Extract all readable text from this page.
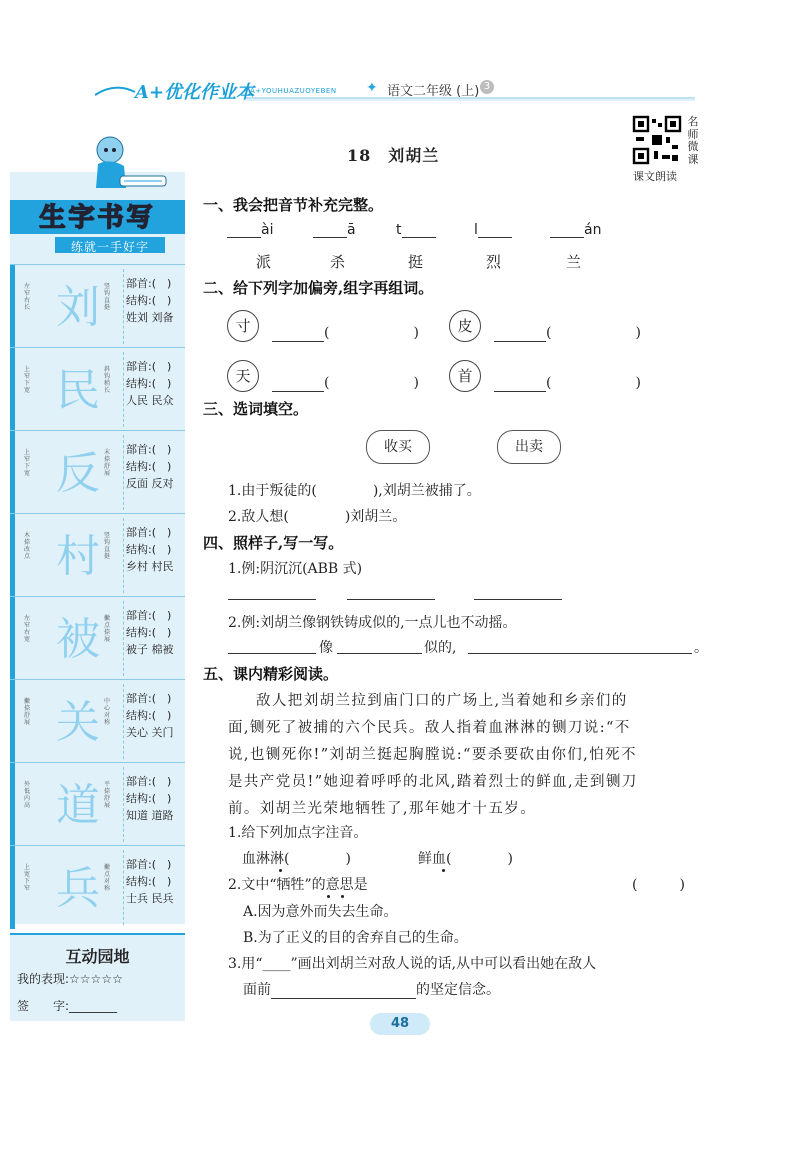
A+优化作业本
A+YOUHUAZUOYEBEN ✦ 语文二年级 (上) 3
名师微课
课文朗读
18　刘胡兰
生字书写
练就一手好字
左窄右长 刘 竖钩直挺
部首:(　)
结构:(　)
姓刘 刘备
上窄下宽 民 斜钩稍长
部首:(　)
结构:(　)
人民 民众
上窄下宽 反 末捺舒展
部首:(　)
结构:(　)
反面 反对
木捺改点 村 竖钩直挺
部首:(　)
结构:(　)
乡村 村民
左窄右宽 被 撇点捺展
部首:(　)
结构:(　)
被子 棉被
撇捺舒展 关 中心对称
部首:(　)
结构:(　)
关心 关门
外低内高 道 平捺舒展
部首:(　)
结构:(　)
知道 道路
上宽下窄 兵 撇点对称
部首:(　)
结构:(　)
士兵 民兵
互动园地
我的表现:☆☆☆☆☆
签　　字:________
一、我会把音节补充完整。
ài	ā	t	l	án
派	杀	挺	烈	兰
二、给下列字加偏旁,组字再组词。
寸	(　　　　　　)	皮	(　　　　　　)
天	(　　　　　　)	首	(　　　　　　)
三、选词填空。
收买	出卖
1.由于叛徒的(　　　　),刘胡兰被捕了。
2.敌人想(　　　　)刘胡兰。
四、照样子,写一写。
1.例:阴沉沉(ABB 式)
2.例:刘胡兰像钢铁铸成似的,一点儿也不动摇。
像	似的,	。
五、课内精彩阅读。
敌人把刘胡兰拉到庙门口的广场上,当着她和乡亲们的
面,铡死了被捕的六个民兵。敌人指着血淋淋的铡刀说:“不
说,也铡死你!”刘胡兰挺起胸膛说:“要杀要砍由你们,怕死不
是共产党员!”她迎着呼呼的北风,踏着烈士的鲜血,走到铡刀
前。刘胡兰光荣地牺牲了,那年她才十五岁。
1.给下列加点字注音。
血淋淋(　　　　)	鲜血(　　　　)
2.文中“牺牲”的意思是	(　　　)
A.因为意外而失去生命。
B.为了正义的目的舍弃自己的生命。
3.用“____”画出刘胡兰对敌人说的话,从中可以看出她在敌人
面前	的坚定信念。
48
